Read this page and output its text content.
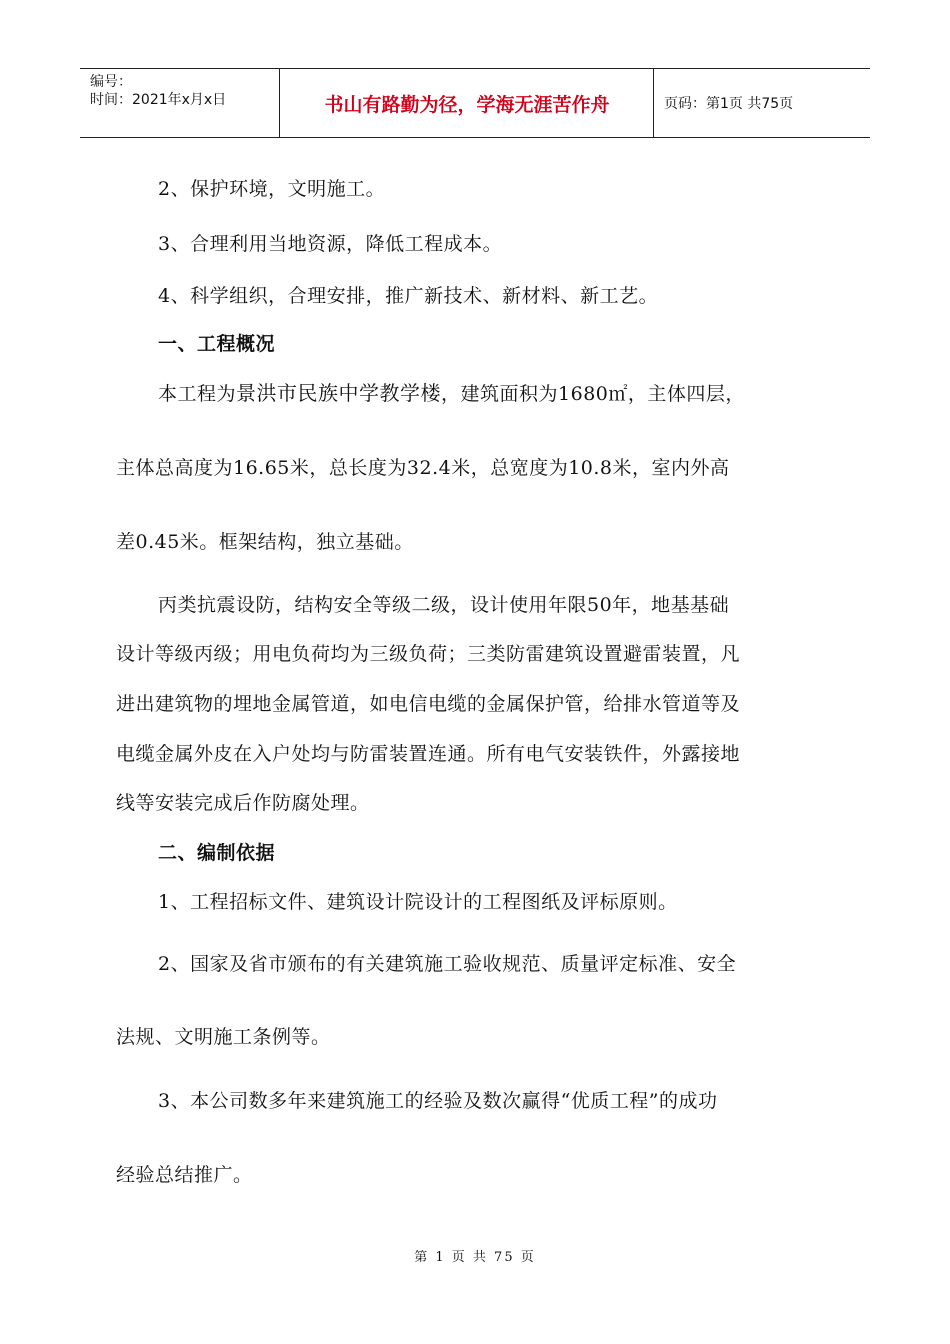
编号：
时间：2021年x月x日	书山有路勤为径，学海无涯苦作舟	页码：第1页 共75页
2、保护环境，文明施工。
3、合理利用当地资源，降低工程成本。
4、科学组织，合理安排，推广新技术、新材料、新工艺。
一、工程概况
本工程为景洪市民族中学教学楼，建筑面积为1680㎡，主体四层，
主体总高度为16.65米，总长度为32.4米，总宽度为10.8米，室内外高
差0.45米。框架结构，独立基础。
丙类抗震设防，结构安全等级二级，设计使用年限50年，地基基础
设计等级丙级；用电负荷均为三级负荷；三类防雷建筑设置避雷装置，凡
进出建筑物的埋地金属管道，如电信电缆的金属保护管，给排水管道等及
电缆金属外皮在入户处均与防雷装置连通。所有电气安装铁件，外露接地
线等安装完成后作防腐处理。
二、编制依据
1、工程招标文件、建筑设计院设计的工程图纸及评标原则。
2、国家及省市颁布的有关建筑施工验收规范、质量评定标准、安全
法规、文明施工条例等。
3、本公司数多年来建筑施工的经验及数次赢得“优质工程”的成功
经验总结推广。
第 1 页 共 75 页
